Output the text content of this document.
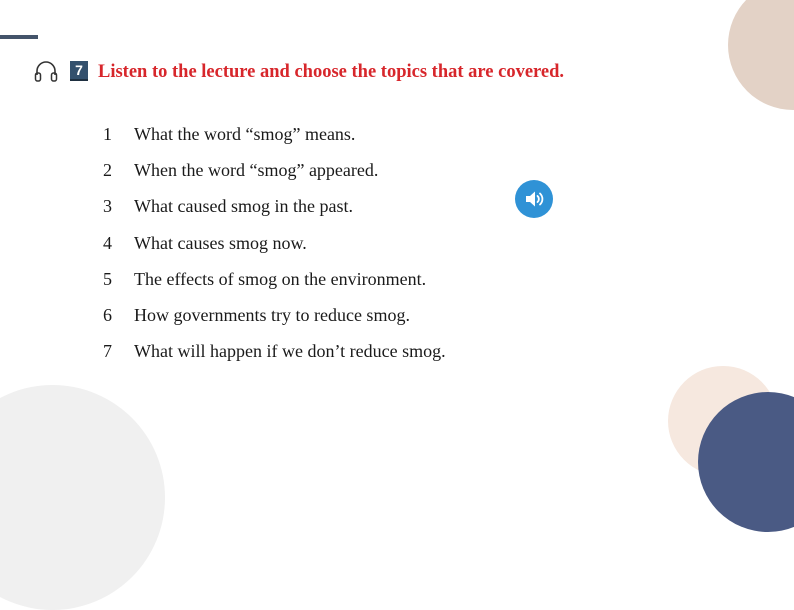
7 Listen to the lecture and choose the topics that are covered.
1	What the word “smog” means.
2	When the word “smog” appeared.
3	What caused smog in the past.
4	What causes smog now.
5	The effects of smog on the environment.
6	How governments try to reduce smog.
7	What will happen if we don’t reduce smog.
